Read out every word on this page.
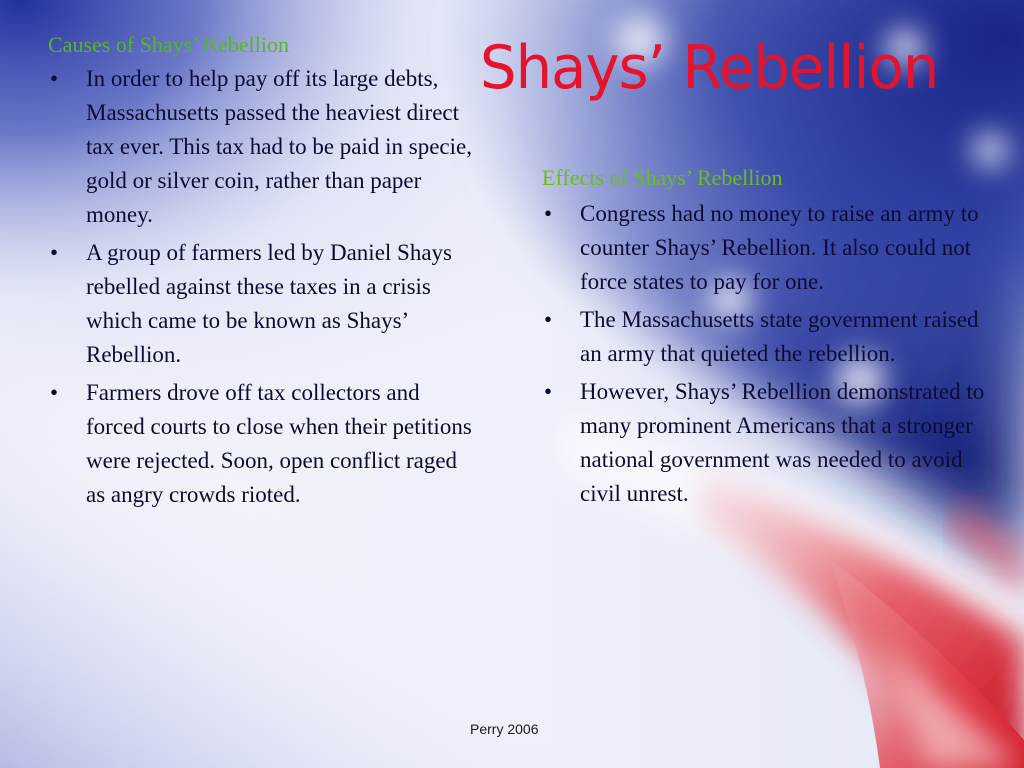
Shays’ Rebellion
Causes of Shays’ Rebellion
• In order to help pay off its large debts, Massachusetts passed the heaviest direct tax ever. This tax had to be paid in specie, gold or silver coin, rather than paper money.
• A group of farmers led by Daniel Shays rebelled against these taxes in a crisis which came to be known as Shays’ Rebellion.
• Farmers drove off tax collectors and forced courts to close when their petitions were rejected. Soon, open conflict raged as angry crowds rioted.
Effects of Shays’ Rebellion
• Congress had no money to raise an army to counter Shays’ Rebellion. It also could not force states to pay for one.
• The Massachusetts state government raised an army that quieted the rebellion.
• However, Shays’ Rebellion demonstrated to many prominent Americans that a stronger national government was needed to avoid civil unrest.
Perry 2006
